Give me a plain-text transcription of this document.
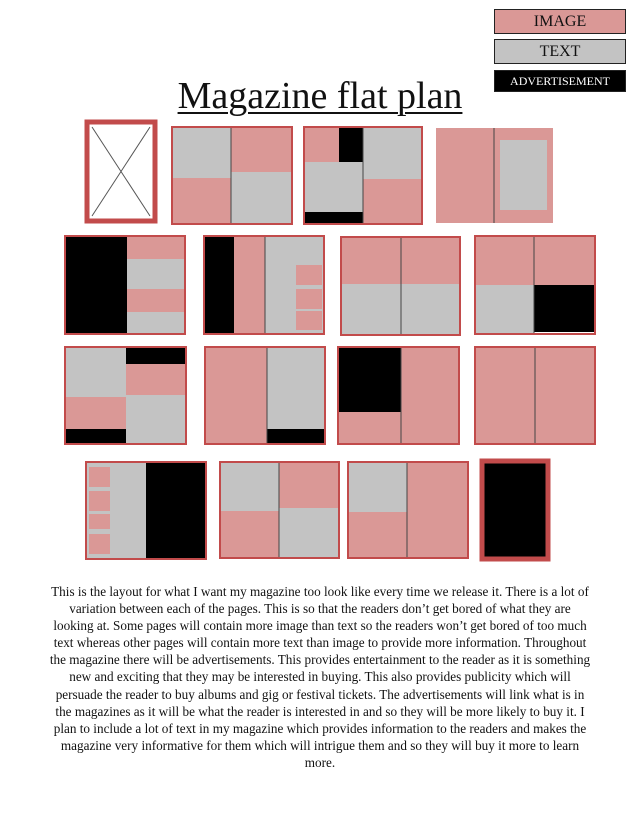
IMAGE
TEXT
ADVERTISEMENT
Magazine flat plan

This is the layout for what I want my magazine too look like every time we release it. There is a lot of variation between each of the pages. This is so that the readers don’t get bored of what they are looking at. Some pages will contain more image than text so the readers won’t get bored of too much text whereas other pages will contain more text than image to provide more information. Throughout the magazine there will be advertisements. This provides entertainment to the reader as it is something new and exciting that they may be interested in buying. This also provides publicity which will persuade the reader to buy albums and gig or festival tickets. The advertisements will link what is in the magazines as it will be what the reader is interested in and so they will be more likely to buy it. I plan to include a lot of text in my magazine which provides information to the readers and makes the magazine very informative for them which will intrigue them and so they will buy it more to learn more.
